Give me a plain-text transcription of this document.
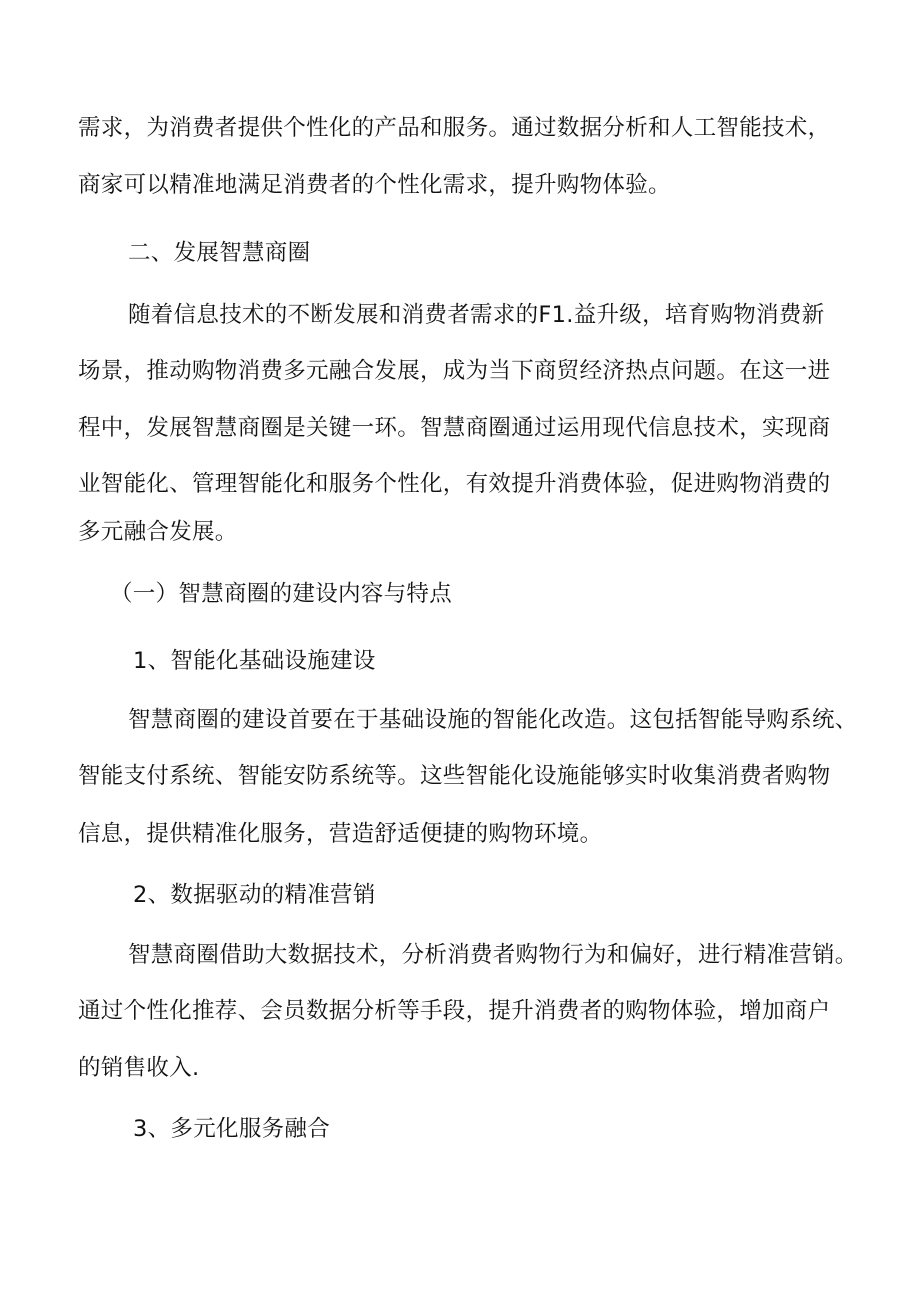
需求，为消费者提供个性化的产品和服务。通过数据分析和人工智能技术，
商家可以精准地满足消费者的个性化需求，提升购物体验。
二、发展智慧商圈
随着信息技术的不断发展和消费者需求的F1.益升级，培育购物消费新
场景，推动购物消费多元融合发展，成为当下商贸经济热点问题。在这一进
程中，发展智慧商圈是关键一环。智慧商圈通过运用现代信息技术，实现商
业智能化、管理智能化和服务个性化，有效提升消费体验，促进购物消费的
多元融合发展。
（一）智慧商圈的建设内容与特点
1、智能化基础设施建设
智慧商圈的建设首要在于基础设施的智能化改造。这包括智能导购系统、
智能支付系统、智能安防系统等。这些智能化设施能够实时收集消费者购物
信息，提供精准化服务，营造舒适便捷的购物环境。
2、数据驱动的精准营销
智慧商圈借助大数据技术，分析消费者购物行为和偏好，进行精准营销。
通过个性化推荐、会员数据分析等手段，提升消费者的购物体验，增加商户
的销售收入.
3、多元化服务融合
